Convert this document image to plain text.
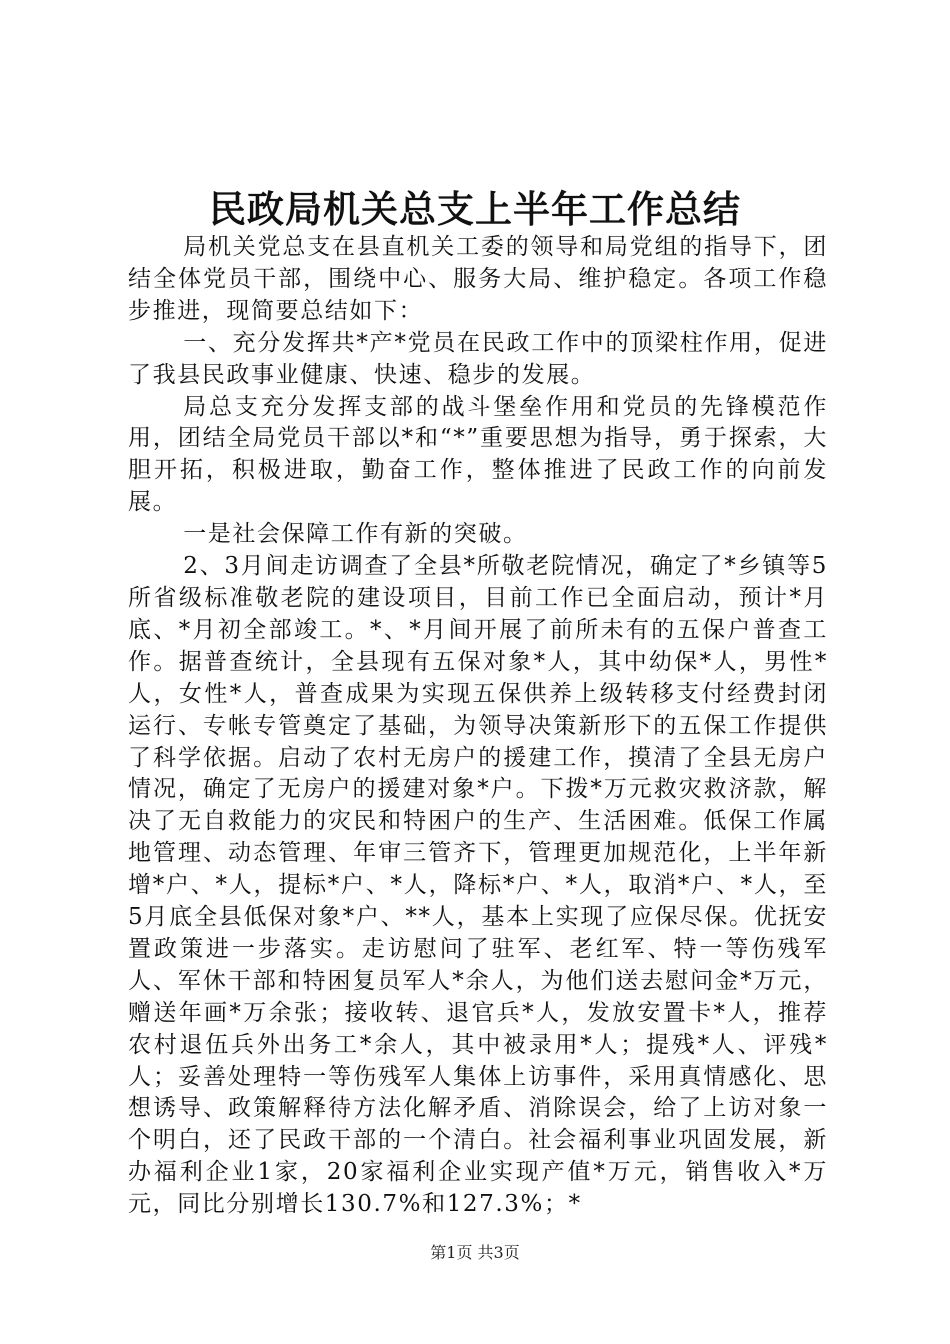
民政局机关总支上半年工作总结

局机关党总支在县直机关工委的领导和局党组的指导下，团结全体党员干部，围绕中心、服务大局、维护稳定。各项工作稳步推进，现简要总结如下：

一、充分发挥共*产*党员在民政工作中的顶梁柱作用，促进了我县民政事业健康、快速、稳步的发展。

局总支充分发挥支部的战斗堡垒作用和党员的先锋模范作用，团结全局党员干部以*和“*”重要思想为指导，勇于探索，大胆开拓，积极进取，勤奋工作，整体推进了民政工作的向前发展。

一是社会保障工作有新的突破。

2、3月间走访调查了全县*所敬老院情况，确定了*乡镇等5所省级标准敬老院的建设项目，目前工作已全面启动，预计*月底、*月初全部竣工。*、*月间开展了前所未有的五保户普查工作。据普查统计，全县现有五保对象*人，其中幼保*人，男性*人，女性*人，普查成果为实现五保供养上级转移支付经费封闭运行、专帐专管奠定了基础，为领导决策新形下的五保工作提供了科学依据。启动了农村无房户的援建工作，摸清了全县无房户情况，确定了无房户的援建对象*户。下拨*万元救灾救济款，解决了无自救能力的灾民和特困户的生产、生活困难。低保工作属地管理、动态管理、年审三管齐下，管理更加规范化，上半年新增*户、*人，提标*户、*人，降标*户、*人，取消*户、*人，至5月底全县低保对象*户、**人，基本上实现了应保尽保。优抚安置政策进一步落实。走访慰问了驻军、老红军、特一等伤残军人、军休干部和特困复员军人*余人，为他们送去慰问金*万元，赠送年画*万余张；接收转、退官兵*人，发放安置卡*人，推荐农村退伍兵外出务工*余人，其中被录用*人；提残*人、评残*人；妥善处理特一等伤残军人集体上访事件，采用真情感化、思想诱导、政策解释待方法化解矛盾、消除误会，给了上访对象一个明白，还了民政干部的一个清白。社会福利事业巩固发展，新办福利企业1家，20家福利企业实现产值*万元，销售收入*万元，同比分别增长130.7%和127.3%；*

第1页 共3页
